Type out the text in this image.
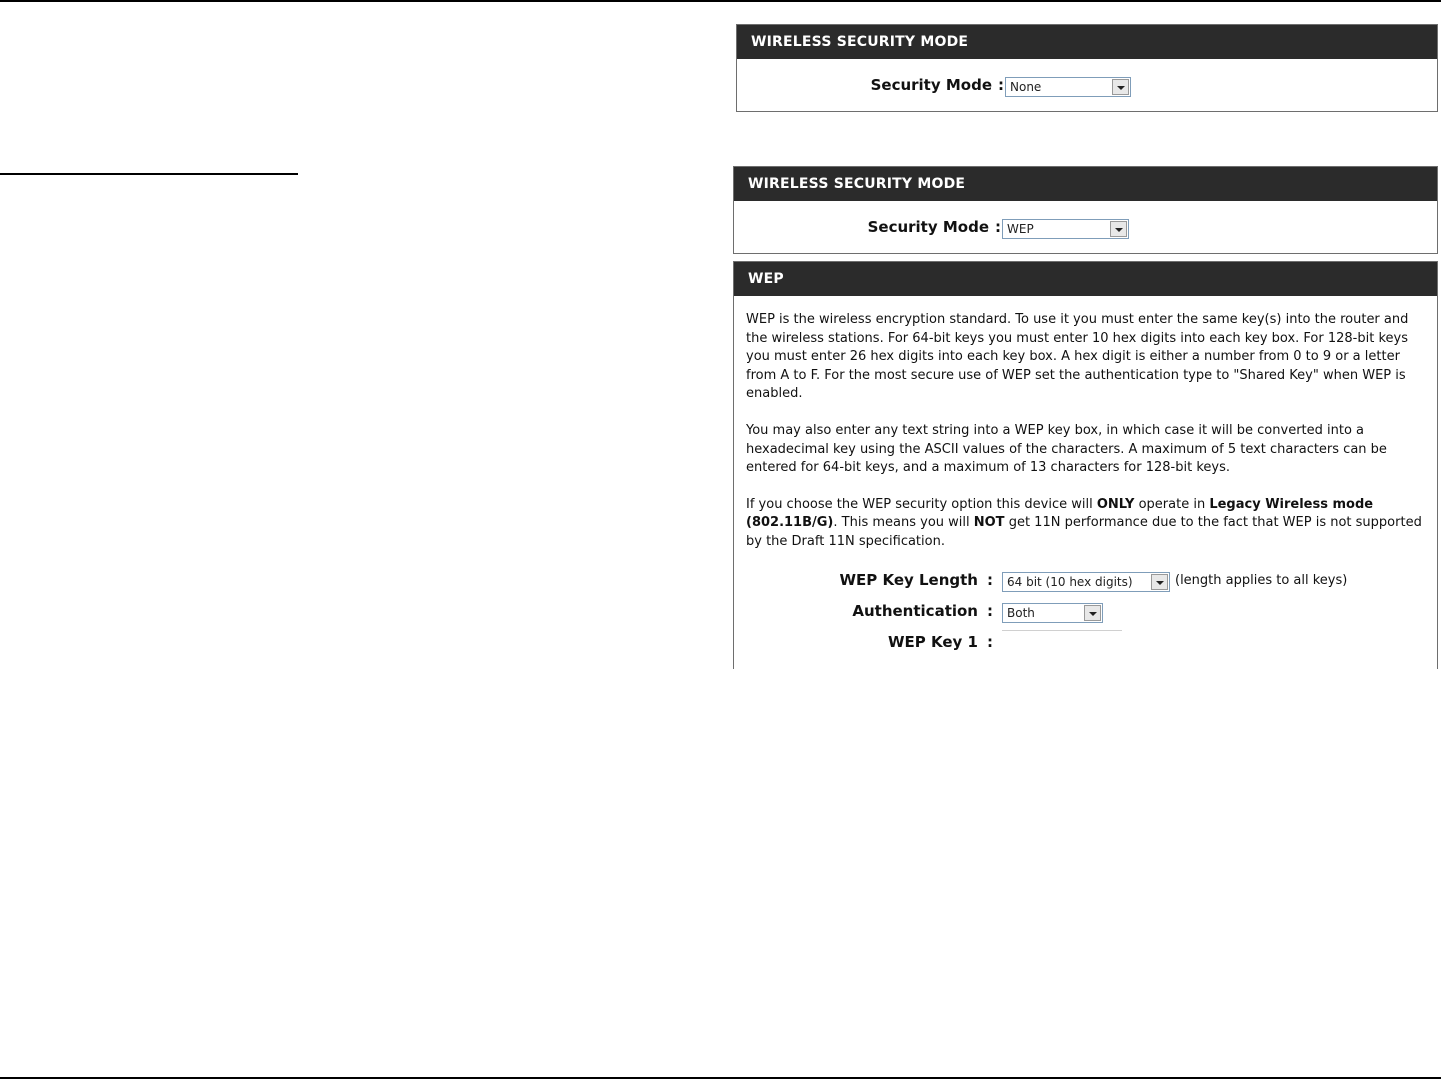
WIRELESS SECURITY MODE
Security Mode : None
WIRELESS SECURITY MODE
Security Mode : WEP
WEP

WEP is the wireless encryption standard. To use it you must enter the same key(s) into the router and the wireless stations. For 64-bit keys you must enter 10 hex digits into each key box. For 128-bit keys you must enter 26 hex digits into each key box. A hex digit is either a number from 0 to 9 or a letter from A to F. For the most secure use of WEP set the authentication type to "Shared Key" when WEP is enabled.

You may also enter any text string into a WEP key box, in which case it will be converted into a hexadecimal key using the ASCII values of the characters. A maximum of 5 text characters can be entered for 64-bit keys, and a maximum of 13 characters for 128-bit keys.

If you choose the WEP security option this device will ONLY operate in Legacy Wireless mode (802.11B/G). This means you will NOT get 11N performance due to the fact that WEP is not supported by the Draft 11N specification.

WEP Key Length :	64 bit (10 hex digits)	(length applies to all keys)
Authentication :	Both
WEP Key 1 :
